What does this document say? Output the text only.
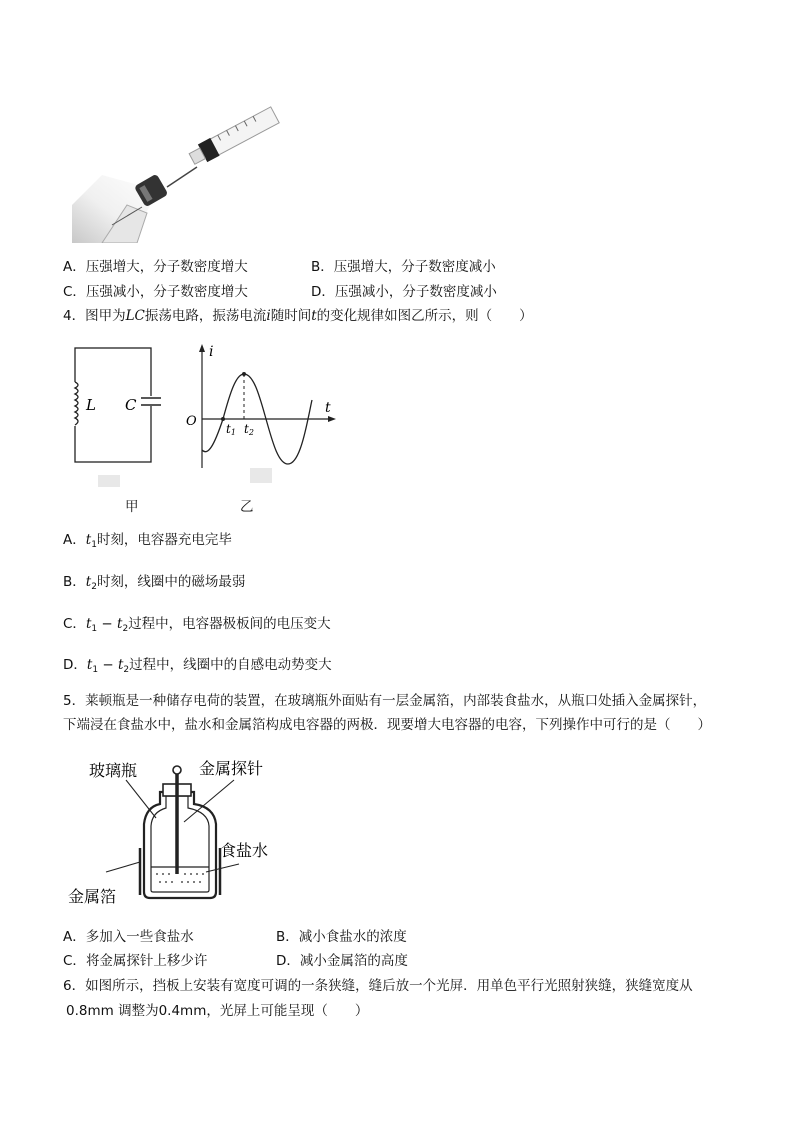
A．压强增大，分子数密度增大	B．压强增大，分子数密度减小
C．压强减小，分子数密度增大	D．压强减小，分子数密度减小
4．图甲为LC振荡电路，振荡电流i随时间t的变化规律如图乙所示，则（　　）
L C
甲
i
t
O t1 t2
乙
A．$t_1$时刻，电容器充电完毕
B．$t_2$时刻，线圈中的磁场最弱
C．$t_1 - t_2$过程中，电容器极板间的电压变大
D．$t_1 - t_2$过程中，线圈中的自感电动势变大
5．莱顿瓶是一种储存电荷的装置，在玻璃瓶外面贴有一层金属箔，内部装食盐水，从瓶口处插入金属探针，
下端浸在食盐水中，盐水和金属箔构成电容器的两极．现要增大电容器的电容，下列操作中可行的是（　　）
玻璃瓶	金属探针
食盐水
金属箔
A．多加入一些食盐水	B．减小食盐水的浓度
C．将金属探针上移少许	D．减小金属箔的高度
6．如图所示，挡板上安装有宽度可调的一条狭缝，缝后放一个光屏．用单色平行光照射狭缝，狭缝宽度从
0.8mm 调整为0.4mm，光屏上可能呈现（　　）
